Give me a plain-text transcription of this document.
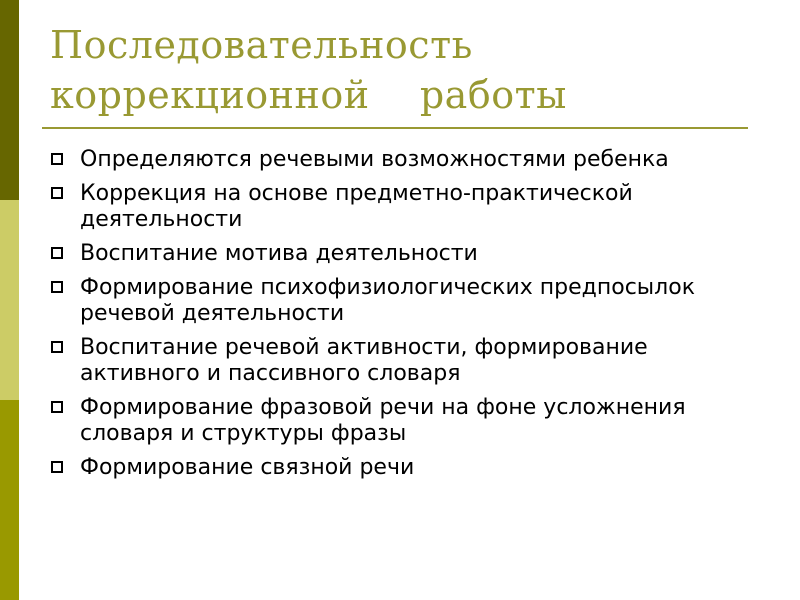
Последовательность
коррекционной    работы
Определяются речевыми возможностями ребенка
Коррекция на основе предметно-практической деятельности
Воспитание мотива деятельности
Формирование психофизиологических предпосылок речевой деятельности
Воспитание речевой активности, формирование активного и пассивного словаря
Формирование фразовой речи на фоне усложнения словаря и структуры фразы
Формирование связной речи
